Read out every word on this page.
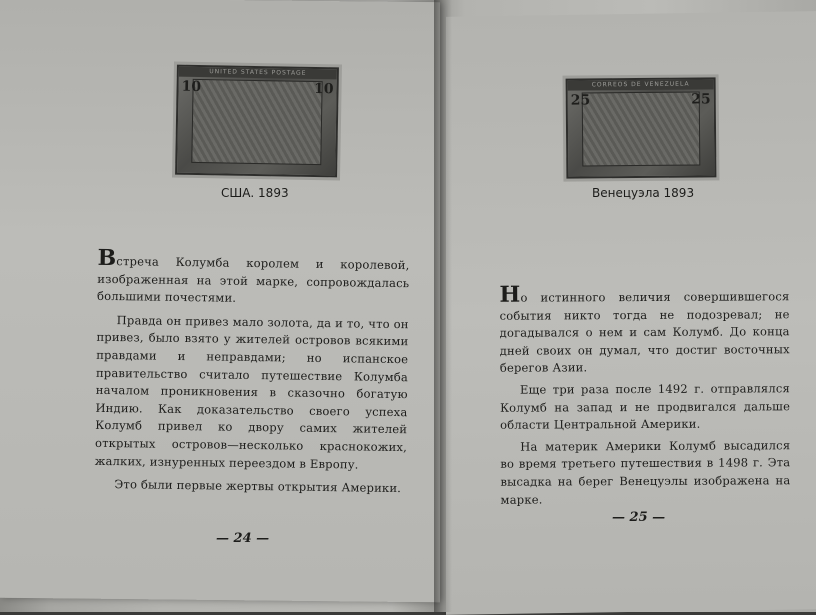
UNITED STATES POSTAGE
10	10
США. 1893
CORREOS DE VENEZUELA
25	25
Венецуэла 1893

Встреча Колумба королем и королевой, изображенная на этой марке, сопровождалась большими почестями.

Правда он привез мало золота, да и то, что он привез, было взято у жителей островов всякими правдами и неправдами; но испанское правительство считало путешествие Колумба началом проникновения в сказочно богатую Индию. Как доказательство своего успеха Колумб привел ко двору самих жителей открытых островов—несколько краснокожих, жалких, изнуренных переездом в Европу.

Это были первые жертвы открытия Америки.

— 24 —

Но истинного величия совершившегося события никто тогда не подозревал; не догадывался о нем и сам Колумб. До конца дней своих он думал, что достиг восточных берегов Азии.

Еще три раза после 1492 г. отправлялся Колумб на запад и не продвигался дальше области Центральной Америки.

На материк Америки Колумб высадился во время третьего путешествия в 1498 г. Эта высадка на берег Венецуэлы изображена на марке.

— 25 —
